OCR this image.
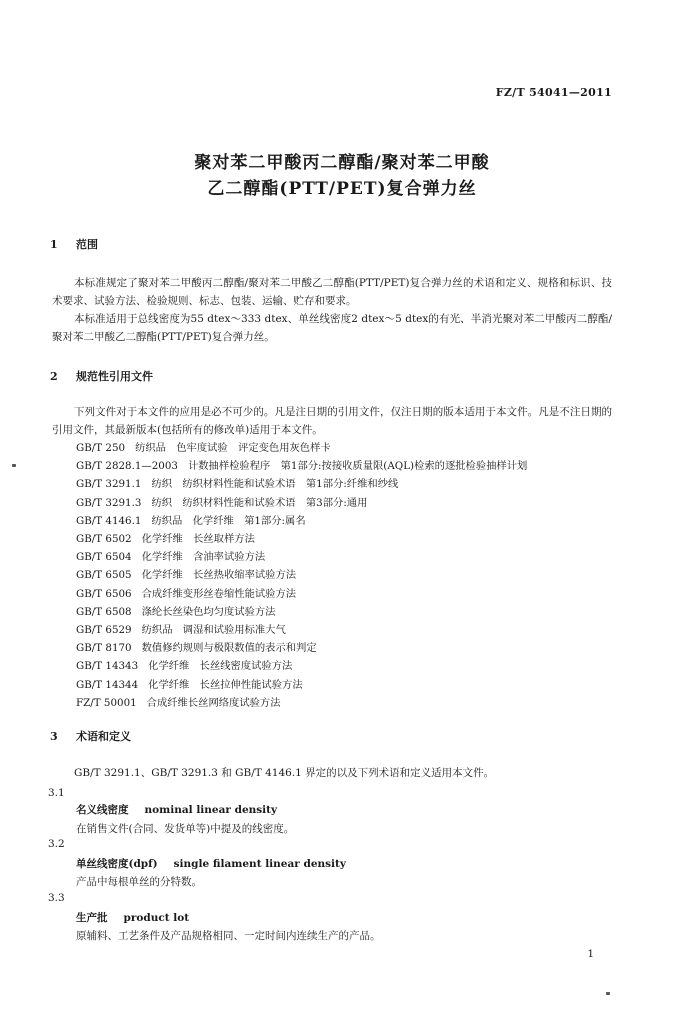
FZ/T 54041—2011
聚对苯二甲酸丙二醇酯/聚对苯二甲酸
乙二醇酯(PTT/PET)复合弹力丝
1 范围
本标准规定了聚对苯二甲酸丙二醇酯/聚对苯二甲酸乙二醇酯(PTT/PET)复合弹力丝的术语和定义、规格和标识、技术要求、试验方法、检验规则、标志、包装、运输、贮存和要求。
本标准适用于总线密度为55 dtex～333 dtex、单丝线密度2 dtex～5 dtex的有光、半消光聚对苯二甲酸丙二醇酯/聚对苯二甲酸乙二醇酯(PTT/PET)复合弹力丝。
2 规范性引用文件
下列文件对于本文件的应用是必不可少的。凡是注日期的引用文件，仅注日期的版本适用于本文件。凡是不注日期的引用文件，其最新版本(包括所有的修改单)适用于本文件。
GB/T 250 纺织品　色牢度试验　评定变色用灰色样卡
GB/T 2828.1—2003 计数抽样检验程序　第1部分:按接收质量限(AQL)检索的逐批检验抽样计划
GB/T 3291.1 纺织　纺织材料性能和试验术语　第1部分:纤维和纱线
GB/T 3291.3 纺织　纺织材料性能和试验术语　第3部分:通用
GB/T 4146.1 纺织品　化学纤维　第1部分:属名
GB/T 6502 化学纤维　长丝取样方法
GB/T 6504 化学纤维　含油率试验方法
GB/T 6505 化学纤维　长丝热收缩率试验方法
GB/T 6506 合成纤维变形丝卷缩性能试验方法
GB/T 6508 涤纶长丝染色均匀度试验方法
GB/T 6529 纺织品　调湿和试验用标准大气
GB/T 8170 数值修约规则与极限数值的表示和判定
GB/T 14343 化学纤维　长丝线密度试验方法
GB/T 14344 化学纤维　长丝拉伸性能试验方法
FZ/T 50001 合成纤维长丝网络度试验方法
3 术语和定义
GB/T 3291.1、GB/T 3291.3 和 GB/T 4146.1 界定的以及下列术语和定义适用本文件。
3.1
名义线密度 nominal linear density
在销售文件(合同、发货单等)中提及的线密度。
3.2
单丝线密度(dpf) single filament linear density
产品中每根单丝的分特数。
3.3
生产批 product lot
原辅料、工艺条件及产品规格相同、一定时间内连续生产的产品。
1
